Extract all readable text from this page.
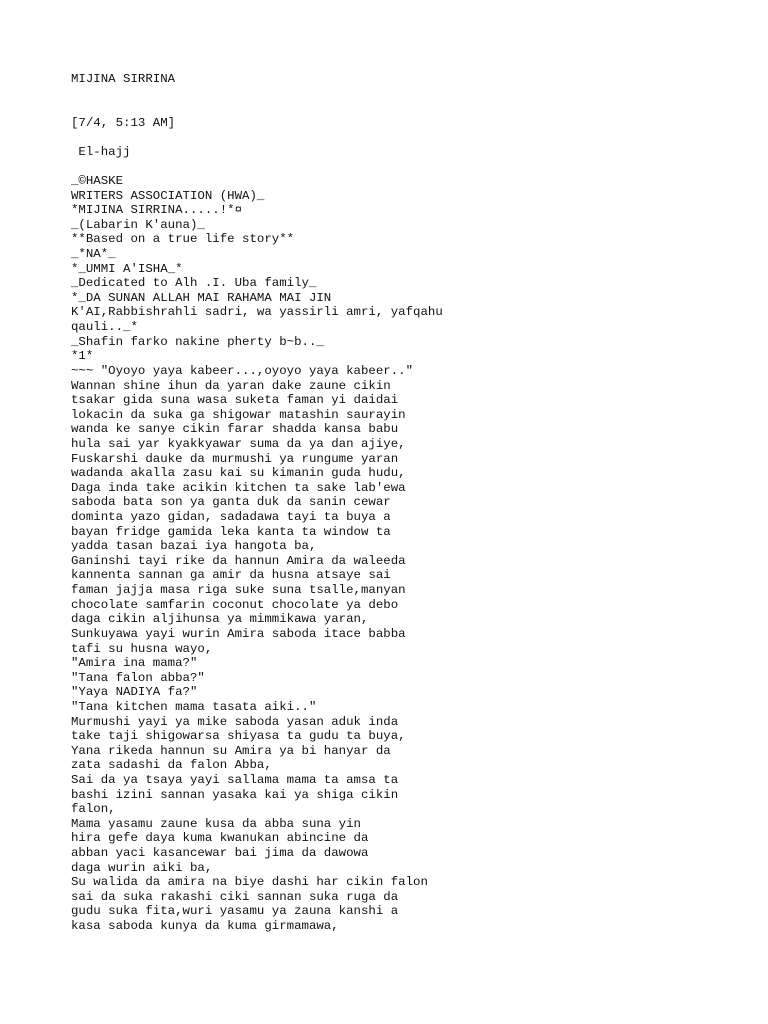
MIJINA SIRRINA
[7/4, 5:13 AM]
El-hajj
_©HASKE
WRITERS ASSOCIATION (HWA)_
*MIJINA SIRRINA.....!*¤
_(Labarin K'auna)_
**Based on a true life story**
_*NA*_
*_UMMI A'ISHA_*
_Dedicated to Alh .I. Uba family_
*_DA SUNAN ALLAH MAI RAHAMA MAI JIN
K'AI,Rabbishrahli sadri, wa yassirli amri, yafqahu
qauli.._*
_Shafin farko nakine pherty b~b.._
*1*
~~~ "Oyoyo yaya kabeer...,oyoyo yaya kabeer.."
Wannan shine ihun da yaran dake zaune cikin
tsakar gida suna wasa suketa faman yi daidai
lokacin da suka ga shigowar matashin saurayin
wanda ke sanye cikin farar shadda kansa babu
hula sai yar kyakkyawar suma da ya dan ajiye,
Fuskarshi dauke da murmushi ya rungume yaran
wadanda akalla zasu kai su kimanin guda hudu,
Daga inda take acikin kitchen ta sake lab'ewa
saboda bata son ya ganta duk da sanin cewar
dominta yazo gidan, sadadawa tayi ta buya a
bayan fridge gamida leka kanta ta window ta
yadda tasan bazai iya hangota ba,
Ganinshi tayi rike da hannun Amira da waleeda
kannenta sannan ga amir da husna atsaye sai
faman jajja masa riga suke suna tsalle,manyan
chocolate samfarin coconut chocolate ya debo
daga cikin aljihunsa ya mimmikawa yaran,
Sunkuyawa yayi wurin Amira saboda itace babba
tafi su husna wayo,
"Amira ina mama?"
"Tana falon abba?"
"Yaya NADIYA fa?"
"Tana kitchen mama tasata aiki.."
Murmushi yayi ya mike saboda yasan aduk inda
take taji shigowarsa shiyasa ta gudu ta buya,
Yana rikeda hannun su Amira ya bi hanyar da
zata sadashi da falon Abba,
Sai da ya tsaya yayi sallama mama ta amsa ta
bashi izini sannan yasaka kai ya shiga cikin
falon,
Mama yasamu zaune kusa da abba suna yin
hira gefe daya kuma kwanukan abincine da
abban yaci kasancewar bai jima da dawowa
daga wurin aiki ba,
Su walida da amira na biye dashi har cikin falon
sai da suka rakashi ciki sannan suka ruga da
gudu suka fita,wuri yasamu ya zauna kanshi a
kasa saboda kunya da kuma girmamawa,
